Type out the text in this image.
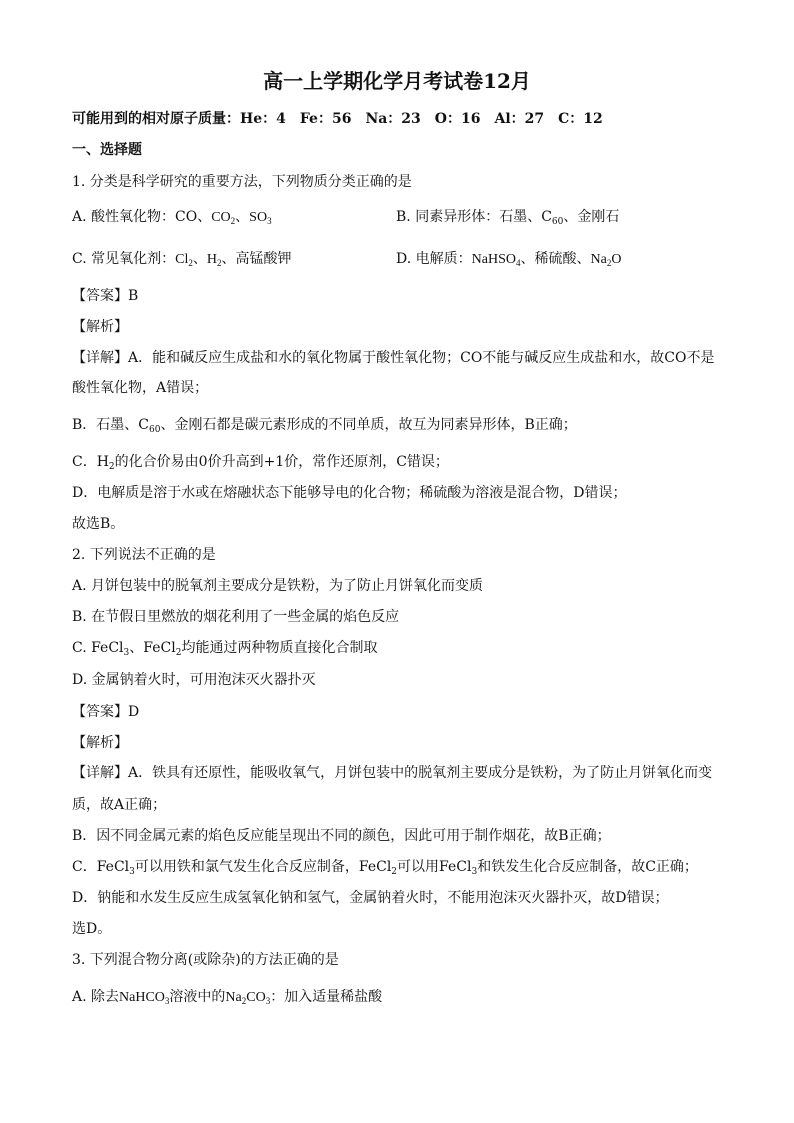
高一上学期化学月考试卷12月
可能用到的相对原子质量：He：4　Fe：56　Na：23　O：16　Al：27　C：12
一、选择题
1. 分类是科学研究的重要方法，下列物质分类正确的是
A. 酸性氧化物：CO、$CO_2$、$SO_3$	B. 同素异形体：石墨、$C_{60}$、金刚石
C. 常见氧化剂：$Cl_2$、$H_2$、高锰酸钾	D. 电解质：NaHSO$_4$、稀硫酸、$Na_2O$
【答案】B
【解析】
【详解】A．能和碱反应生成盐和水的氧化物属于酸性氧化物；CO不能与碱反应生成盐和水，故CO不是
酸性氧化物，A错误；
B．石墨、$C_{60}$、金刚石都是碳元素形成的不同单质，故互为同素异形体，B正确；
C．$H_2$的化合价易由0价升高到+1价，常作还原剂，C错误；
D．电解质是溶于水或在熔融状态下能够导电的化合物；稀硫酸为溶液是混合物，D错误；
故选B。
2. 下列说法不正确的是
A. 月饼包装中的脱氧剂主要成分是铁粉，为了防止月饼氧化而变质
B. 在节假日里燃放的烟花利用了一些金属的焰色反应
C. FeCl$_3$、FeCl$_2$均能通过两种物质直接化合制取
D. 金属钠着火时，可用泡沫灭火器扑灭
【答案】D
【解析】
【详解】A．铁具有还原性，能吸收氧气，月饼包装中的脱氧剂主要成分是铁粉，为了防止月饼氧化而变
质，故A正确；
B．因不同金属元素的焰色反应能呈现出不同的颜色，因此可用于制作烟花，故B正确；
C．FeCl$_3$可以用铁和氯气发生化合反应制备，FeCl$_2$可以用FeCl$_3$和铁发生化合反应制备，故C正确；
D．钠能和水发生反应生成氢氧化钠和氢气，金属钠着火时，不能用泡沫灭火器扑灭，故D错误；
选D。
3. 下列混合物分离(或除杂)的方法正确的是
A. 除去NaHCO$_3$溶液中的$Na_2CO_3$：加入适量稀盐酸
